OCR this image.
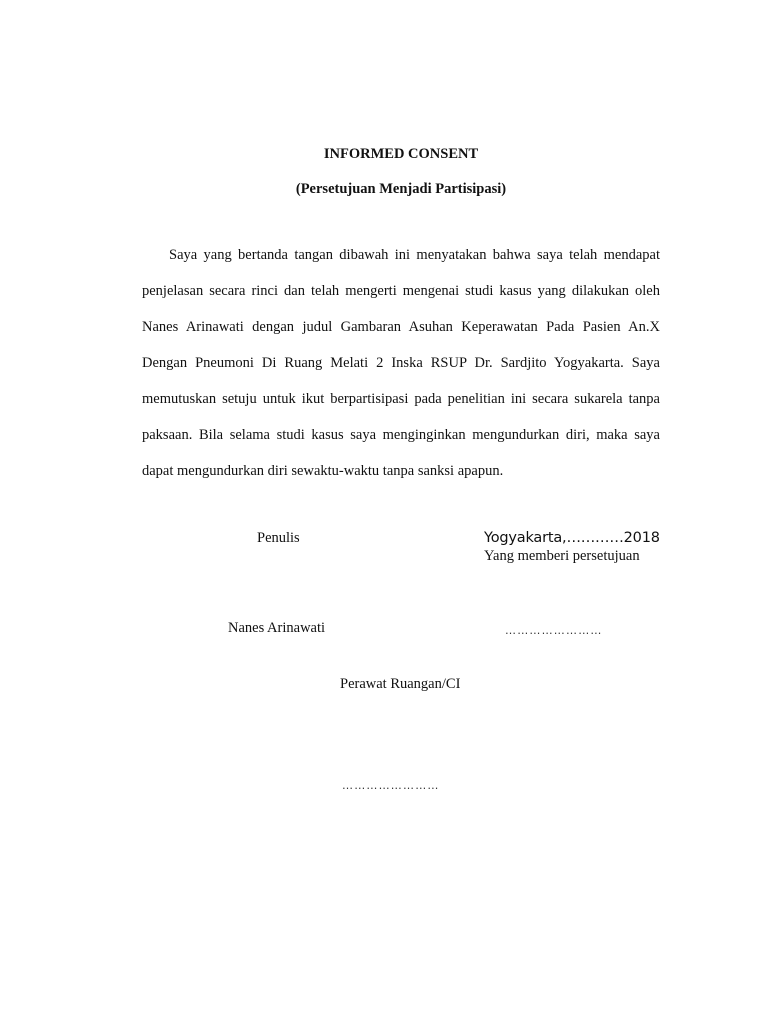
INFORMED CONSENT
(Persetujuan Menjadi Partisipasi)

Saya yang bertanda tangan dibawah ini menyatakan bahwa saya telah mendapat penjelasan secara rinci dan telah mengerti mengenai studi kasus yang dilakukan oleh Nanes Arinawati dengan judul Gambaran Asuhan Keperawatan Pada Pasien An.X Dengan Pneumoni Di Ruang Melati 2 Inska RSUP Dr. Sardjito Yogyakarta. Saya memutuskan setuju untuk ikut berpartisipasi pada penelitian ini secara sukarela tanpa paksaan. Bila selama studi kasus saya menginginkan mengundurkan diri, maka saya dapat mengundurkan diri sewaktu-waktu tanpa sanksi apapun.

Penulis	Yogyakarta,…………2018
Yang memberi persetujuan
Nanes Arinawati	……………………
Perawat Ruangan/CI
……………………
